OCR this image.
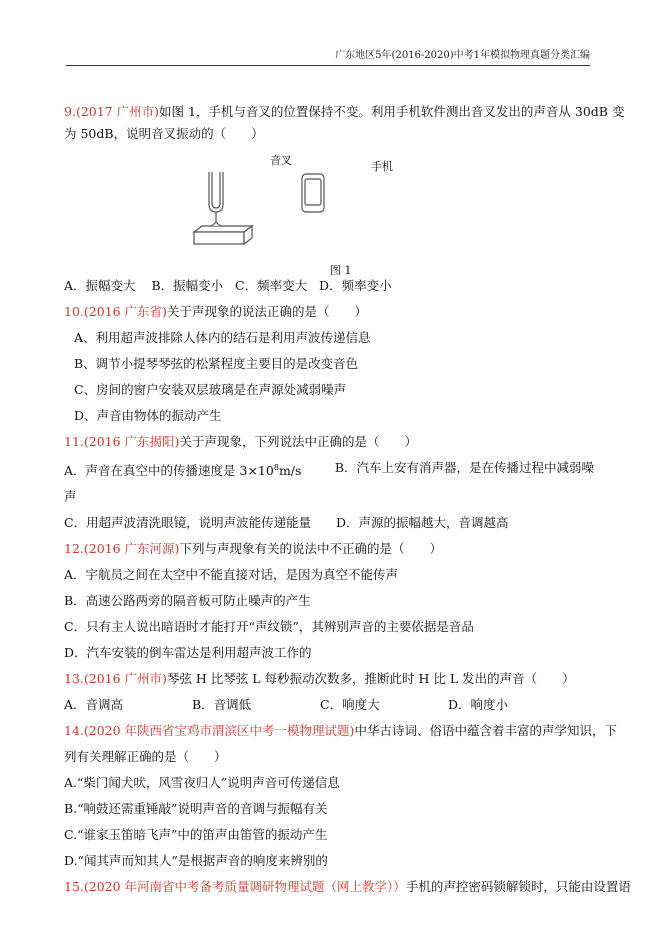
广东地区5年(2016-2020)中考1年模拟物理真题分类汇编
9.(2017 广州市)如图 1，手机与音叉的位置保持不变。利用手机软件测出音叉发出的声音从 30dB 变
为 50dB，说明音叉振动的（　　）
音叉	手机
图 1
A．振幅变大 B．振幅变小 C．频率变大 D．频率变小
10.(2016 广东省)关于声现象的说法正确的是（　　）
A、利用超声波排除人体内的结石是利用声波传递信息
B、调节小提琴琴弦的松紧程度主要目的是改变音色
C、房间的窗户安装双层玻璃是在声源处减弱噪声
D、声音由物体的振动产生
11.(2016 广东揭阳)关于声现象，下列说法中正确的是（　　）
A．声音在真空中的传播速度是 $3\times 10^8m/s$	B．汽车上安有消声器，是在传播过程中减弱噪
声
C．用超声波清洗眼镜，说明声波能传递能量	D．声源的振幅越大，音调越高
12.(2016 广东河源)下列与声现象有关的说法中不正确的是（　　）
A．宇航员之间在太空中不能直接对话，是因为真空不能传声
B．高速公路两旁的隔音板可防止噪声的产生
C．只有主人说出暗语时才能打开“声纹锁”，其辨别声音的主要依据是音品
D．汽车安装的倒车雷达是利用超声波工作的
13.(2016 广州市)琴弦 H 比琴弦 L 每秒振动次数多，推断此时 H 比 L 发出的声音（　　）
A．音调高	B．音调低	C．响度大	D．响度小
14.(2020 年陕西省宝鸡市渭滨区中考一模物理试题)中华古诗词、俗语中蕴含着丰富的声学知识，下
列有关理解正确的是（　　）
A.“柴门闻犬吠，风雪夜归人”说明声音可传递信息
B.“响鼓还需重锤敲”说明声音的音调与振幅有关
C.“谁家玉笛暗飞声”中的笛声由笛管的振动产生
D.“闻其声而知其人”是根据声音的响度来辨别的
15.(2020 年河南省中考备考质量调研物理试题（网上教学））手机的声控密码锁解锁时，只能由设置语
